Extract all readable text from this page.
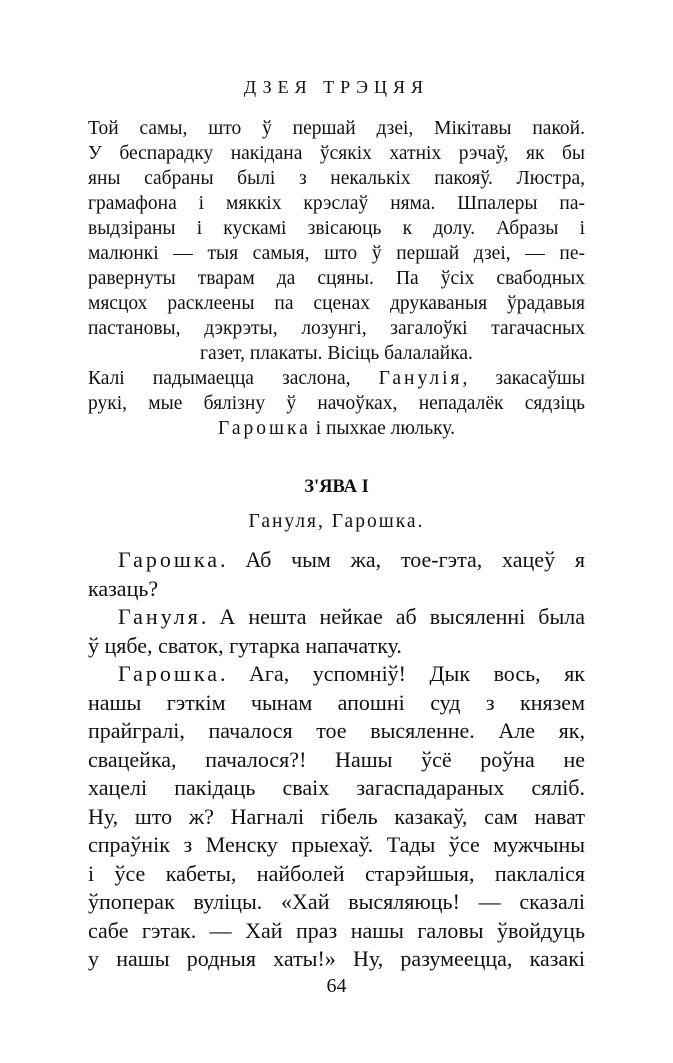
ДЗЕЯ ТРЭЦЯЯ
Той самы, што ў першай дзеі, Мікітавы пакой.
У беспарадку накідана ўсякіх хатніх рэчаў, як бы
яны сабраны былі з некалькіх пакояў. Люстра,
грамафона і мяккіх крэслаў няма. Шпалеры па-
выдзіраны і кускамі звісаюць к долу. Абразы і
малюнкі — тыя самыя, што ў першай дзеі, — пе-
равернуты тварам да сцяны. Па ўсіх свабодных
мясцох расклеены па сценах друкаваныя ўрадавыя
пастановы, дэкрэты, лозунгі, загалоўкі тагачасных
газет, плакаты. Вісіць балалайка.
Калі падымаецца заслона, Ганулія, закасаўшы
рукі, мые бялізну ў начоўках, непадалёк сядзіць
Гарошка і пыхкае люльку.
З'ЯВА І
Гануля, Гарошка.
Гарошка. Аб чым жа, тое-гэта, хацеў я
казаць?
Гануля. А нешта нейкае аб высяленні была
ў цябе, сваток, гутарка напачатку.
Гарошка. Ага, успомніў! Дык вось, як
нашы гэткім чынам апошні суд з князем
прайгралі, пачалося тое высяленне. Але як,
свацейка, пачалося?! Нашы ўсё роўна не
хацелі пакідаць сваіх загаспадараных сяліб.
Ну, што ж? Нагналі гібель казакаў, сам нават
спраўнік з Менску прыехаў. Тады ўсе мужчыны
і ўсе кабеты, найболей старэйшыя, паклаліся
ўпоперак вуліцы. «Хай высяляюць! — сказалі
сабе гэтак. — Хай праз нашы галовы ўвойдуць
у нашы родныя хаты!» Ну, разумеецца, казакі
64
